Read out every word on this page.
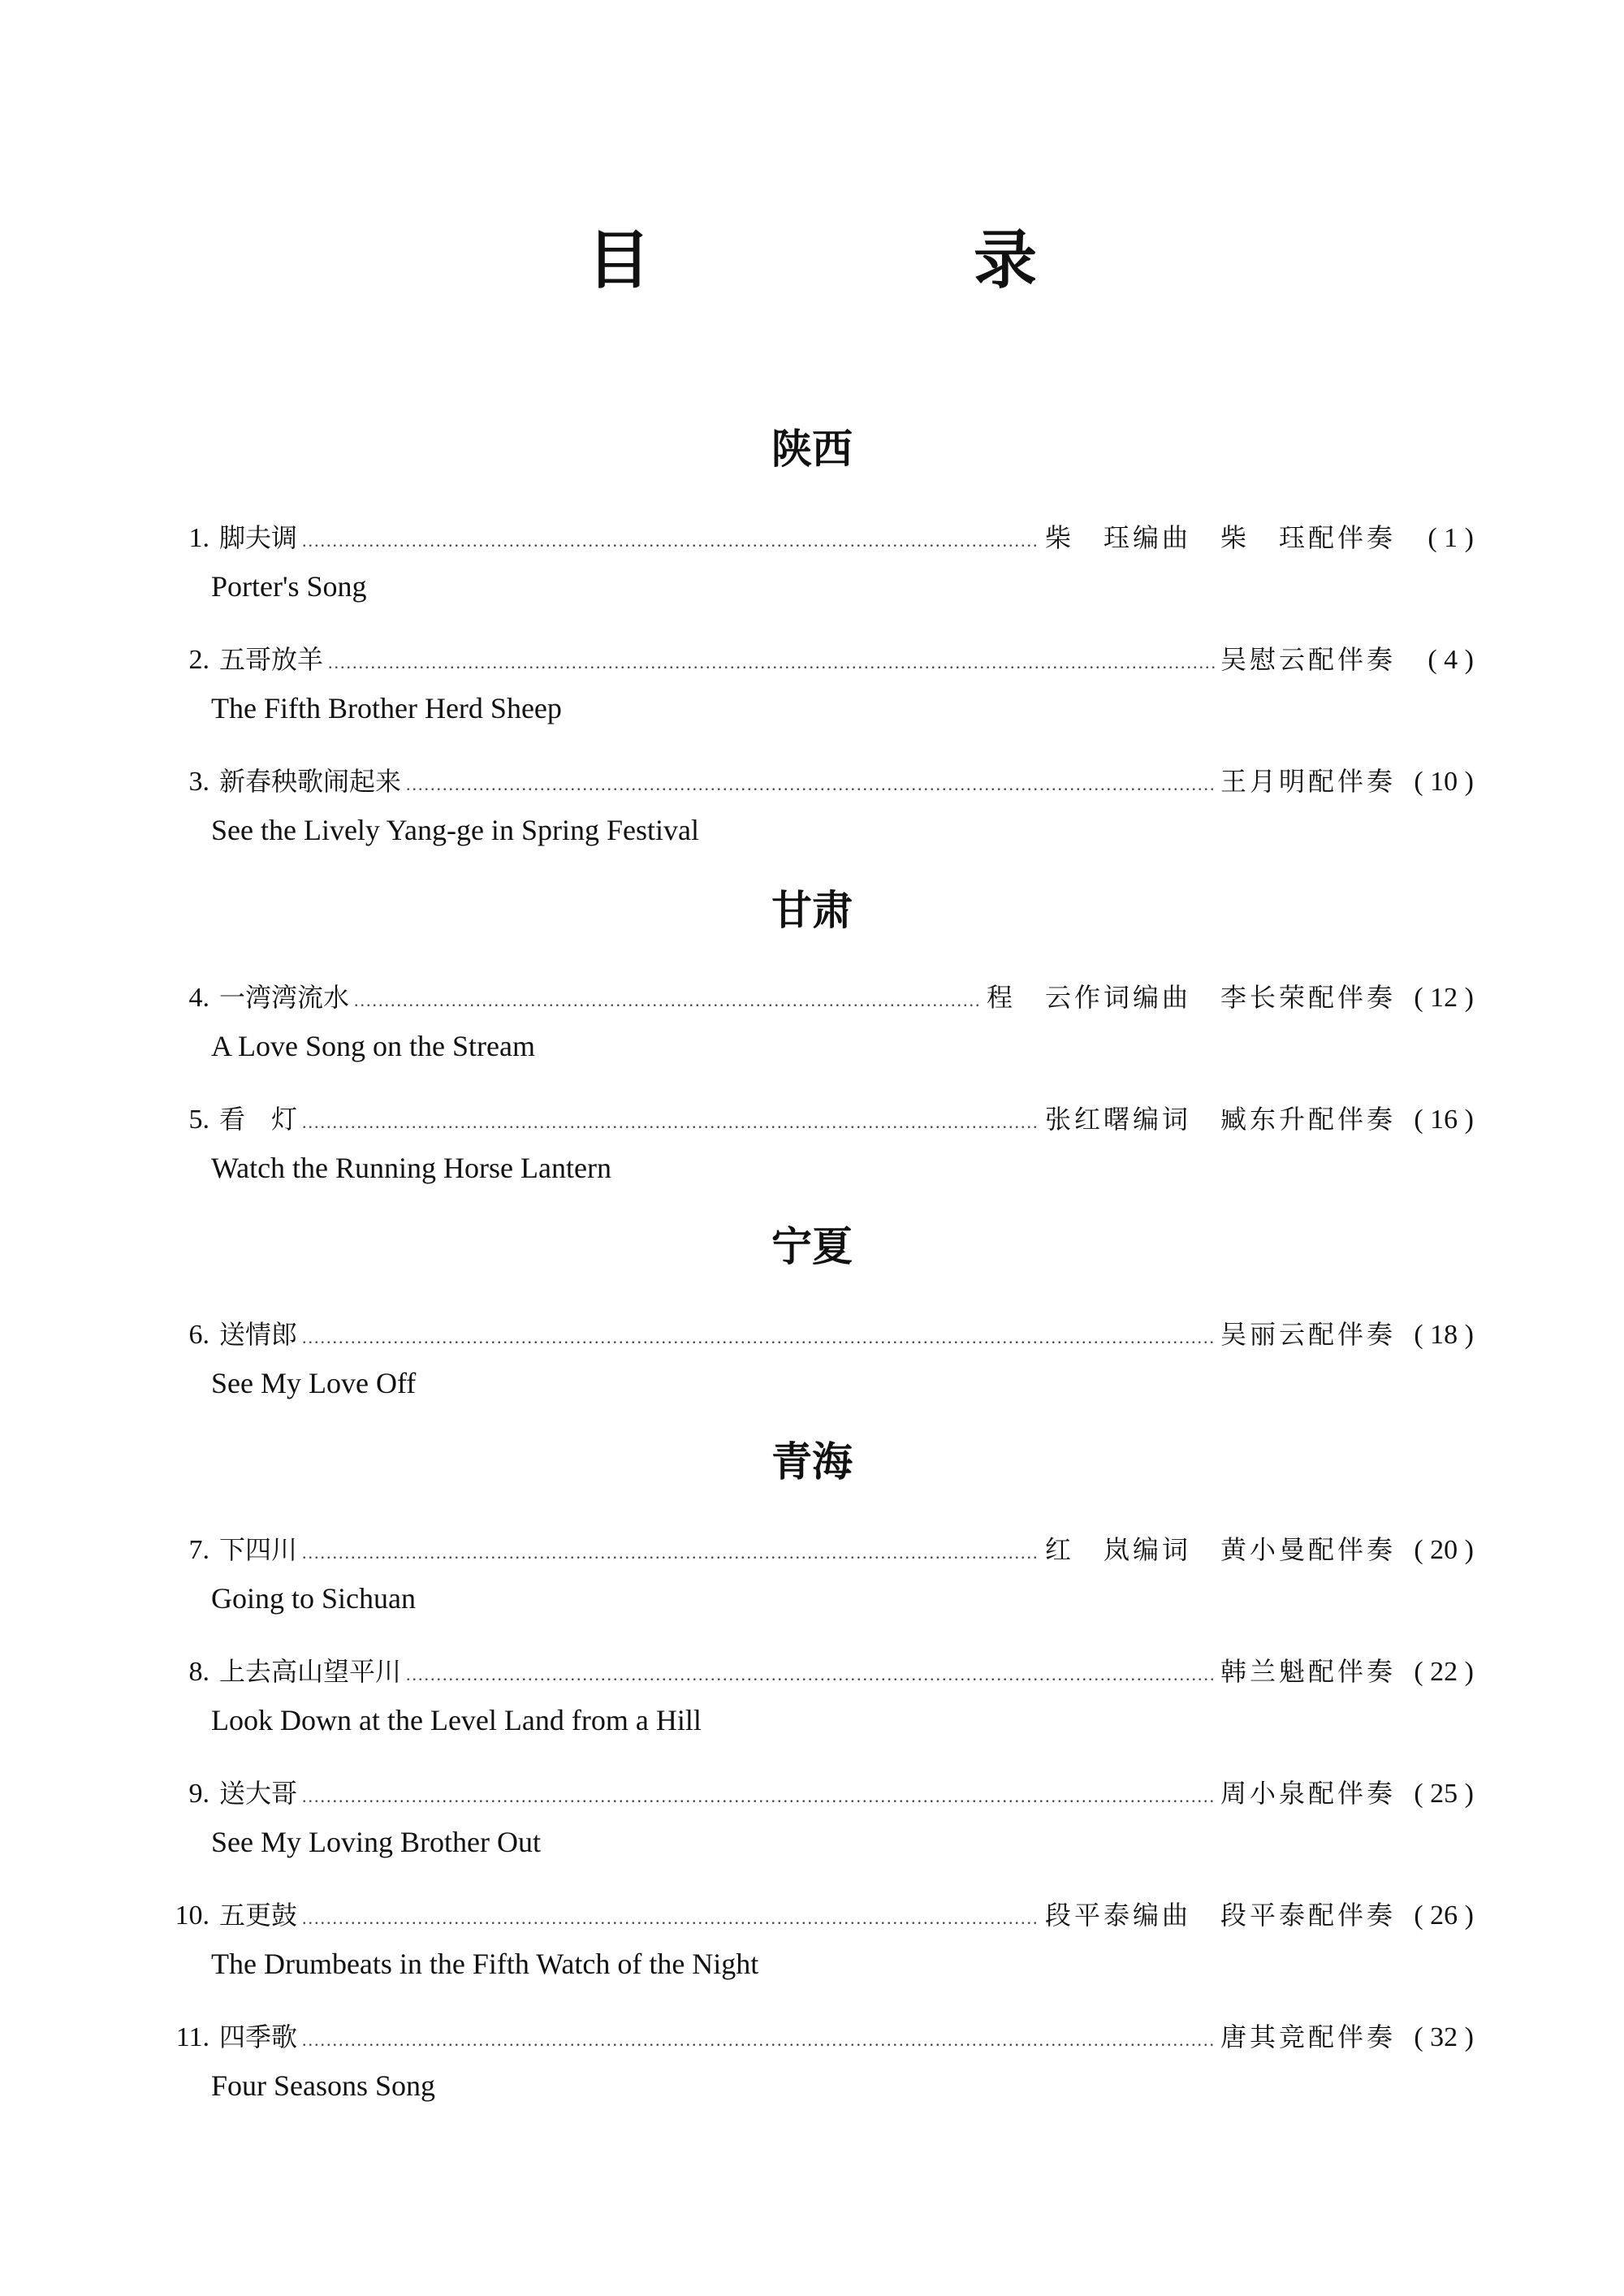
目　录
陕西
1. 脚夫调 .....	柴　珏编曲　柴　珏配伴奏	( 1 )
Porter's Song
2. 五哥放羊 .....	吴慰云配伴奏	( 4 )
The Fifth Brother Herd Sheep
3. 新春秧歌闹起来 .....	王月明配伴奏 ( 10 )
See the Lively Yang-ge in Spring Festival
甘肃
4. 一湾湾流水 .....	程　云作词编曲　李长荣配伴奏 ( 12 )
A Love Song on the Stream
5. 看　灯 .....	张红曙编词　臧东升配伴奏 ( 16 )
Watch the Running Horse Lantern
宁夏
6. 送情郎 .....	吴丽云配伴奏 ( 18 )
See My Love Off
青海
7. 下四川 .....	红　岚编词　黄小曼配伴奏 ( 20 )
Going to Sichuan
8. 上去高山望平川 .....	韩兰魁配伴奏 ( 22 )
Look Down at the Level Land from a Hill
9. 送大哥 .....	周小泉配伴奏 ( 25 )
See My Loving Brother Out
10. 五更鼓 .....	段平泰编曲　段平泰配伴奏 ( 26 )
The Drumbeats in the Fifth Watch of the Night
11. 四季歌 .....	唐其竞配伴奏 ( 32 )
Four Seasons Song
